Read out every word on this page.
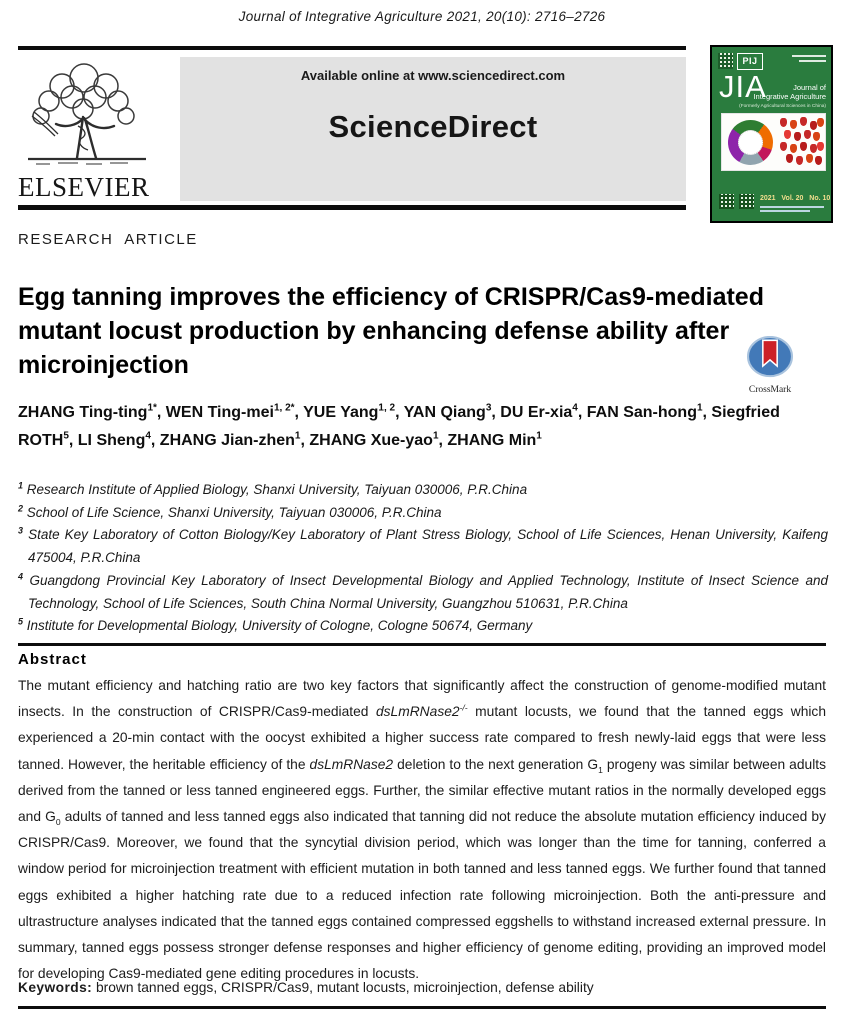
Journal of Integrative Agriculture 2021, 20(10): 2716–2726
ELSEVIER
Available online at www.sciencedirect.com
ScienceDirect
PIJ
JIA	Journal of
Integrative Agriculture
(Formerly Agricultural Sciences in China)
2021   Vol. 20   No. 10
RESEARCH ARTICLE
Egg tanning improves the efficiency of CRISPR/Cas9-mediated mutant locust production by enhancing defense ability after microinjection
CrossMark
ZHANG Ting-ting$^{1*}$, WEN Ting-mei$^{1, 2*}$, YUE Yang$^{1, 2}$, YAN Qiang$^3$, DU Er-xia$^4$, FAN San-hong$^1$, Siegfried ROTH$^5$, LI Sheng$^4$, ZHANG Jian-zhen$^1$, ZHANG Xue-yao$^1$, ZHANG Min$^1$
$^1$ Research Institute of Applied Biology, Shanxi University, Taiyuan 030006, P.R.China
$^2$ School of Life Science, Shanxi University, Taiyuan 030006, P.R.China
$^3$ State Key Laboratory of Cotton Biology/Key Laboratory of Plant Stress Biology, School of Life Sciences, Henan University, Kaifeng 475004, P.R.China
$^4$ Guangdong Provincial Key Laboratory of Insect Developmental Biology and Applied Technology, Institute of Insect Science and Technology, School of Life Sciences, South China Normal University, Guangzhou 510631, P.R.China
$^5$ Institute for Developmental Biology, University of Cologne, Cologne 50674, Germany
Abstract
The mutant efficiency and hatching ratio are two key factors that significantly affect the construction of genome-modified mutant insects. In the construction of CRISPR/Cas9-mediated dsLmRNase2-/- mutant locusts, we found that the tanned eggs which experienced a 20-min contact with the oocyst exhibited a higher success rate compared to fresh newly-laid eggs that were less tanned. However, the heritable efficiency of the dsLmRNase2 deletion to the next generation $G_1$ progeny was similar between adults derived from the tanned or less tanned engineered eggs. Further, the similar effective mutant ratios in the normally developed eggs and $G_0$ adults of tanned and less tanned eggs also indicated that tanning did not reduce the absolute mutation efficiency induced by CRISPR/Cas9. Moreover, we found that the syncytial division period, which was longer than the time for tanning, conferred a window period for microinjection treatment with efficient mutation in both tanned and less tanned eggs. We further found that tanned eggs exhibited a higher hatching rate due to a reduced infection rate following microinjection. Both the anti-pressure and ultrastructure analyses indicated that the tanned eggs contained compressed eggshells to withstand increased external pressure. In summary, tanned eggs possess stronger defense responses and higher efficiency of genome editing, providing an improved model for developing Cas9-mediated gene editing procedures in locusts.
Keywords: brown tanned eggs, CRISPR/Cas9, mutant locusts, microinjection, defense ability
